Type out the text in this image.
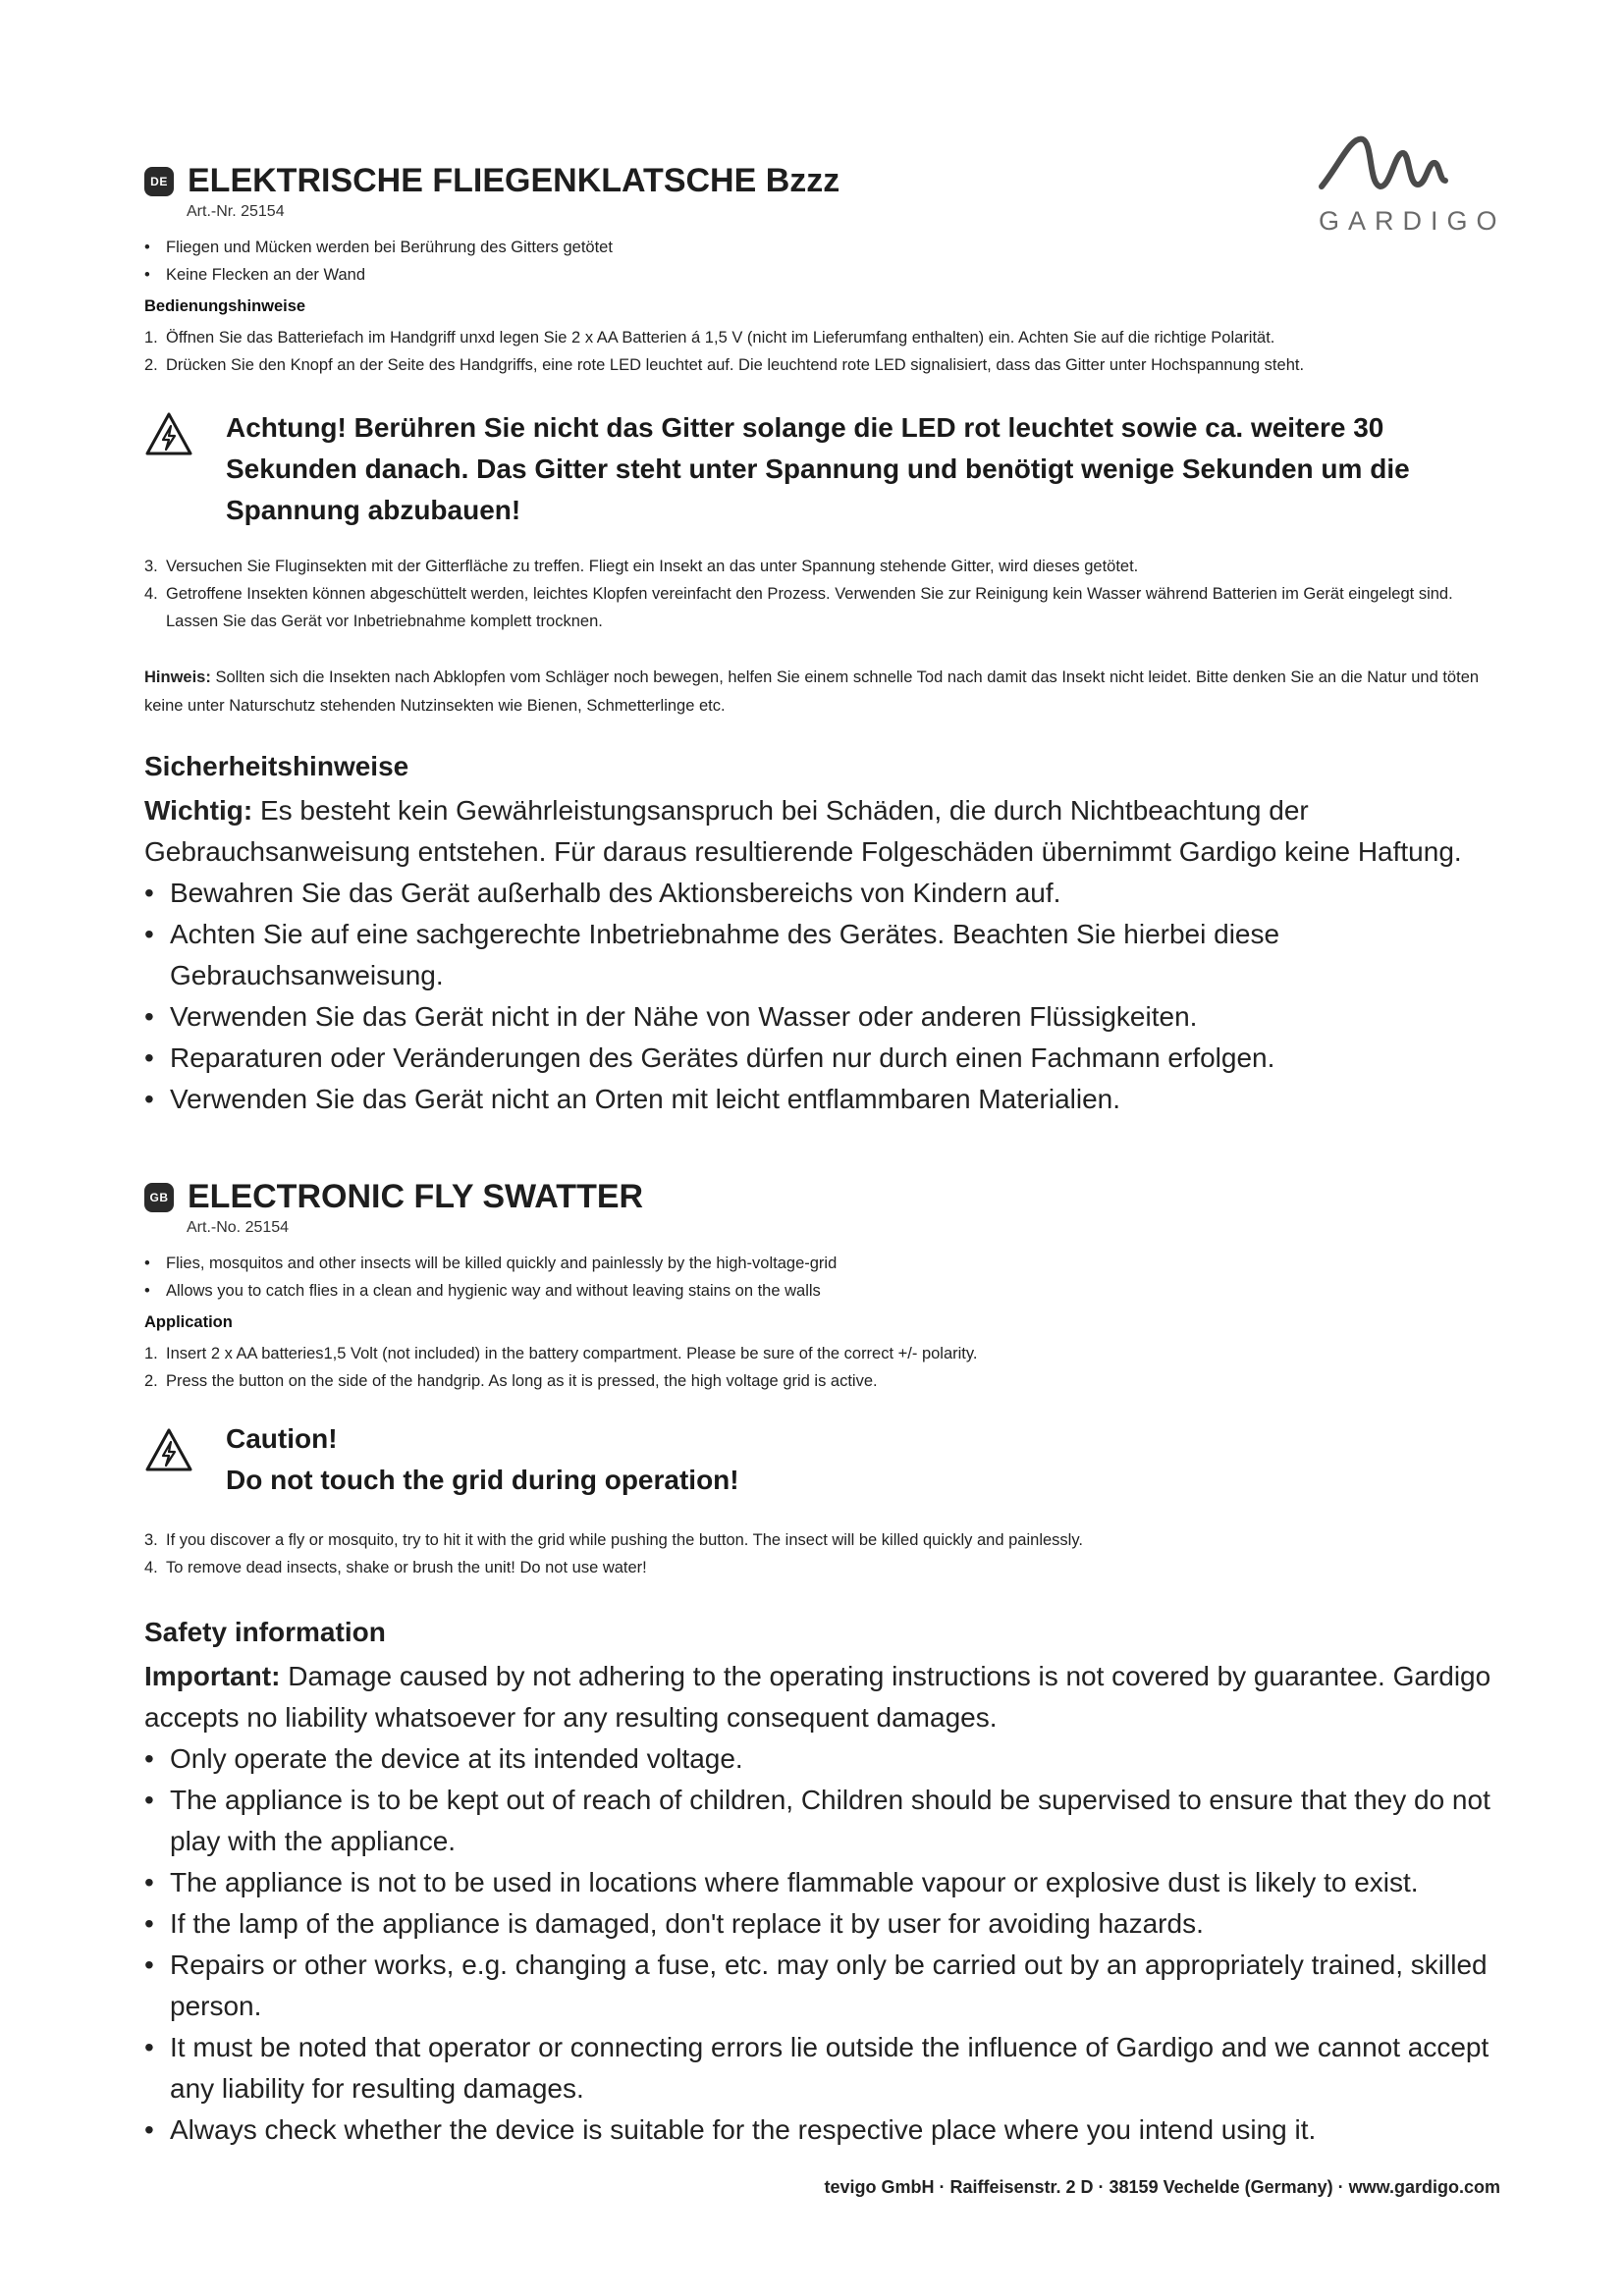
GARDIGO
DE ELEKTRISCHE FLIEGENKLATSCHE Bzzz
Art.-Nr. 25154
• Fliegen und Mücken werden bei Berührung des Gitters getötet
• Keine Flecken an der Wand
Bedienungshinweise
1. Öffnen Sie das Batteriefach im Handgriff unxd legen Sie 2 x AA Batterien á 1,5 V (nicht im Lieferumfang enthalten) ein. Achten Sie auf die richtige Polarität.
2. Drücken Sie den Knopf an der Seite des Handgriffs, eine rote LED leuchtet auf. Die leuchtend rote LED signalisiert, dass das Gitter unter Hochspannung steht.
Achtung! Berühren Sie nicht das Gitter solange die LED rot leuchtet sowie ca. weitere 30 Sekunden danach. Das Gitter steht unter Spannung und benötigt wenige Sekunden um die Spannung abzubauen!
3. Versuchen Sie Fluginsekten mit der Gitterfläche zu treffen. Fliegt ein Insekt an das unter Spannung stehende Gitter, wird dieses getötet.
4. Getroffene Insekten können abgeschüttelt werden, leichtes Klopfen vereinfacht den Prozess. Verwenden Sie zur Reinigung kein Wasser während Batterien im Gerät eingelegt sind. Lassen Sie das Gerät vor Inbetriebnahme komplett trocknen.
Hinweis: Sollten sich die Insekten nach Abklopfen vom Schläger noch bewegen, helfen Sie einem schnelle Tod nach damit das Insekt nicht leidet. Bitte denken Sie an die Natur und töten keine unter Naturschutz stehenden Nutzinsekten wie Bienen, Schmetterlinge etc.
Sicherheitshinweise

Wichtig: Es besteht kein Gewährleistungsanspruch bei Schäden, die durch Nichtbeachtung der Gebrauchsanweisung entstehen. Für daraus resultierende Folgeschäden übernimmt Gardigo keine Haftung.

• Bewahren Sie das Gerät außerhalb des Aktionsbereichs von Kindern auf.
• Achten Sie auf eine sachgerechte Inbetriebnahme des Gerätes. Beachten Sie hierbei diese Gebrauchsanweisung.
• Verwenden Sie das Gerät nicht in der Nähe von Wasser oder anderen Flüssigkeiten.
• Reparaturen oder Veränderungen des Gerätes dürfen nur durch einen Fachmann erfolgen.
• Verwenden Sie das Gerät nicht an Orten mit leicht entflammbaren Materialien.
GB ELECTRONIC FLY SWATTER
Art.-No. 25154
• Flies, mosquitos and other insects will be killed quickly and painlessly by the high-voltage-grid
• Allows you to catch flies in a clean and hygienic way and without leaving stains on the walls
Application
1. Insert 2 x AA batteries1,5 Volt (not included) in the battery compartment. Please be sure of the correct +/- polarity.
2. Press the button on the side of the handgrip. As long as it is pressed, the high voltage grid is active.
Caution!
Do not touch the grid during operation!
3. If you discover a fly or mosquito, try to hit it with the grid while pushing the button. The insect will be killed quickly and painlessly.
4. To remove dead insects, shake or brush the unit! Do not use water!
Safety information

Important: Damage caused by not adhering to the operating instructions is not covered by guarantee. Gardigo accepts no liability whatsoever for any resulting consequent damages.

• Only operate the device at its intended voltage.
• The appliance is to be kept out of reach of children, Children should be supervised to ensure that they do not play with the appliance.
• The appliance is not to be used in locations where flammable vapour or explosive dust is likely to exist.
• If the lamp of the appliance is damaged, don't replace it by user for avoiding hazards.
• Repairs or other works, e.g. changing a fuse, etc. may only be carried out by an appropriately trained, skilled person.
• It must be noted that operator or connecting errors lie outside the influence of Gardigo and we cannot accept any liability for resulting damages.
• Always check whether the device is suitable for the respective place where you intend using it.
tevigo GmbH · Raiffeisenstr. 2 D · 38159 Vechelde (Germany) · www.gardigo.com
